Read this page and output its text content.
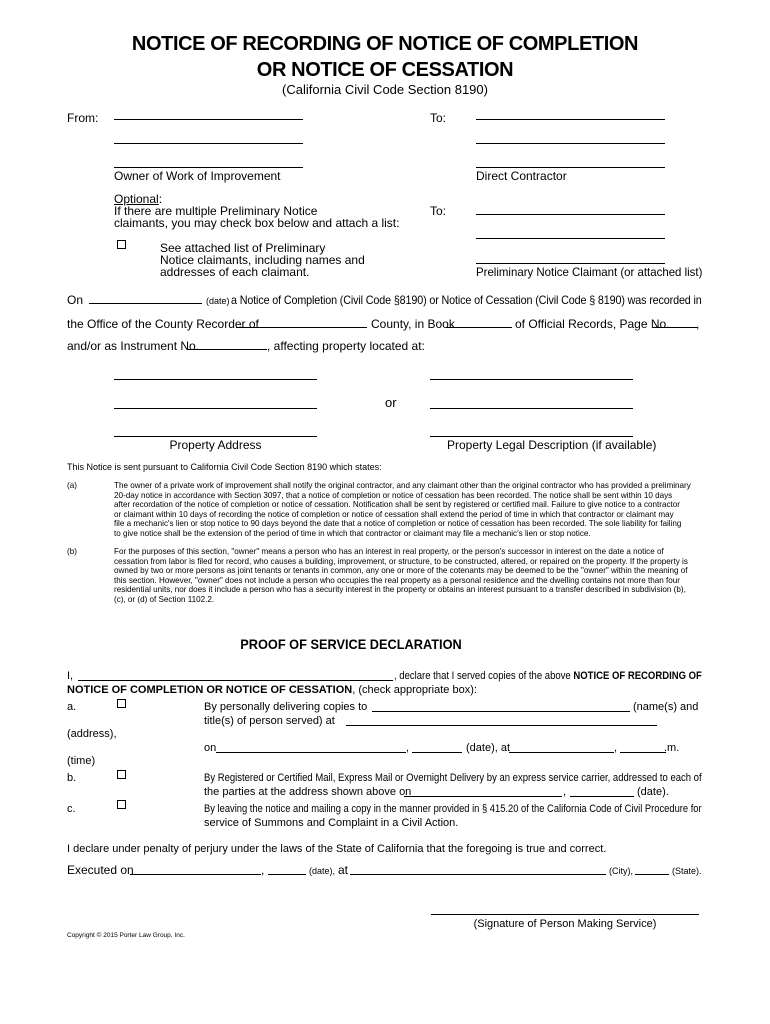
NOTICE OF RECORDING OF NOTICE OF COMPLETION
OR NOTICE OF CESSATION
(California Civil Code Section 8190)
From:
Owner of Work of Improvement
To:
Direct Contractor
Optional:
If there are multiple Preliminary Notice
claimants, you may check box below and attach a list:
To:
Preliminary Notice Claimant (or attached list)
See attached list of Preliminary
Notice claimants, including names and
addresses of each claimant.
On	(date) a Notice of Completion (Civil Code §8190) or Notice of Cessation (Civil Code § 8190) was recorded in
the Office of the County Recorder of	County, in Book	of Official Records, Page No. ,
and/or as Instrument No.	, affecting property located at:
Property Address
or
Property Legal Description (if available)
This Notice is sent pursuant to California Civil Code Section 8190 which states:
(a)	The owner of a private work of improvement shall notify the original contractor, and any claimant other than the original contractor who has provided a preliminary
20-day notice in accordance with Section 3097, that a notice of completion or notice of cessation has been recorded. The notice shall be sent within 10 days
after recordation of the notice of completion or notice of cessation. Notification shall be sent by registered or certified mail. Failure to give notice to a contractor
or claimant within 10 days of recording the notice of completion or notice of cessation shall extend the period of time in which that contractor or claimant may
file a mechanic's lien or stop notice to 90 days beyond the date that a notice of completion or notice of cessation has been recorded. The sole liability for failing
to give notice shall be the extension of the period of time in which that contractor or claimant may file a mechanic's lien or stop notice.
(b)	For the purposes of this section, "owner" means a person who has an interest in real property, or the person's successor in interest on the date a notice of
cessation from labor is filed for record, who causes a building, improvement, or structure, to be constructed, altered, or repaired on the property. If the property is
owned by two or more persons as joint tenants or tenants in common, any one or more of the cotenants may be deemed to be the "owner" within the meaning of
this section. However, "owner" does not include a person who occupies the real property as a personal residence and the dwelling contains not more than four
residential units, nor does it include a person who has a security interest in the property or obtains an interest pursuant to a transfer described in subdivision (b),
(c), or (d) of Section 1102.2.
PROOF OF SERVICE DECLARATION
I,	, declare that I served copies of the above NOTICE OF RECORDING OF
NOTICE OF COMPLETION OR NOTICE OF CESSATION, (check appropriate box):
a.	By personally delivering copies to	(name(s) and
title(s) of person served) at
(address),
on	,	(date), at	,	.m.
(time)
b.	By Registered or Certified Mail, Express Mail or Overnight Delivery by an express service carrier, addressed to each of
the parties at the address shown above on	,	(date).
c.	By leaving the notice and mailing a copy in the manner provided in § 415.20 of the California Code of Civil Procedure for
service of Summons and Complaint in a Civil Action.
I declare under penalty of perjury under the laws of the State of California that the foregoing is true and correct.
Executed on	,	(date), at	(City),	(State).
(Signature of Person Making Service)
Copyright © 2015 Porter Law Group, Inc.
